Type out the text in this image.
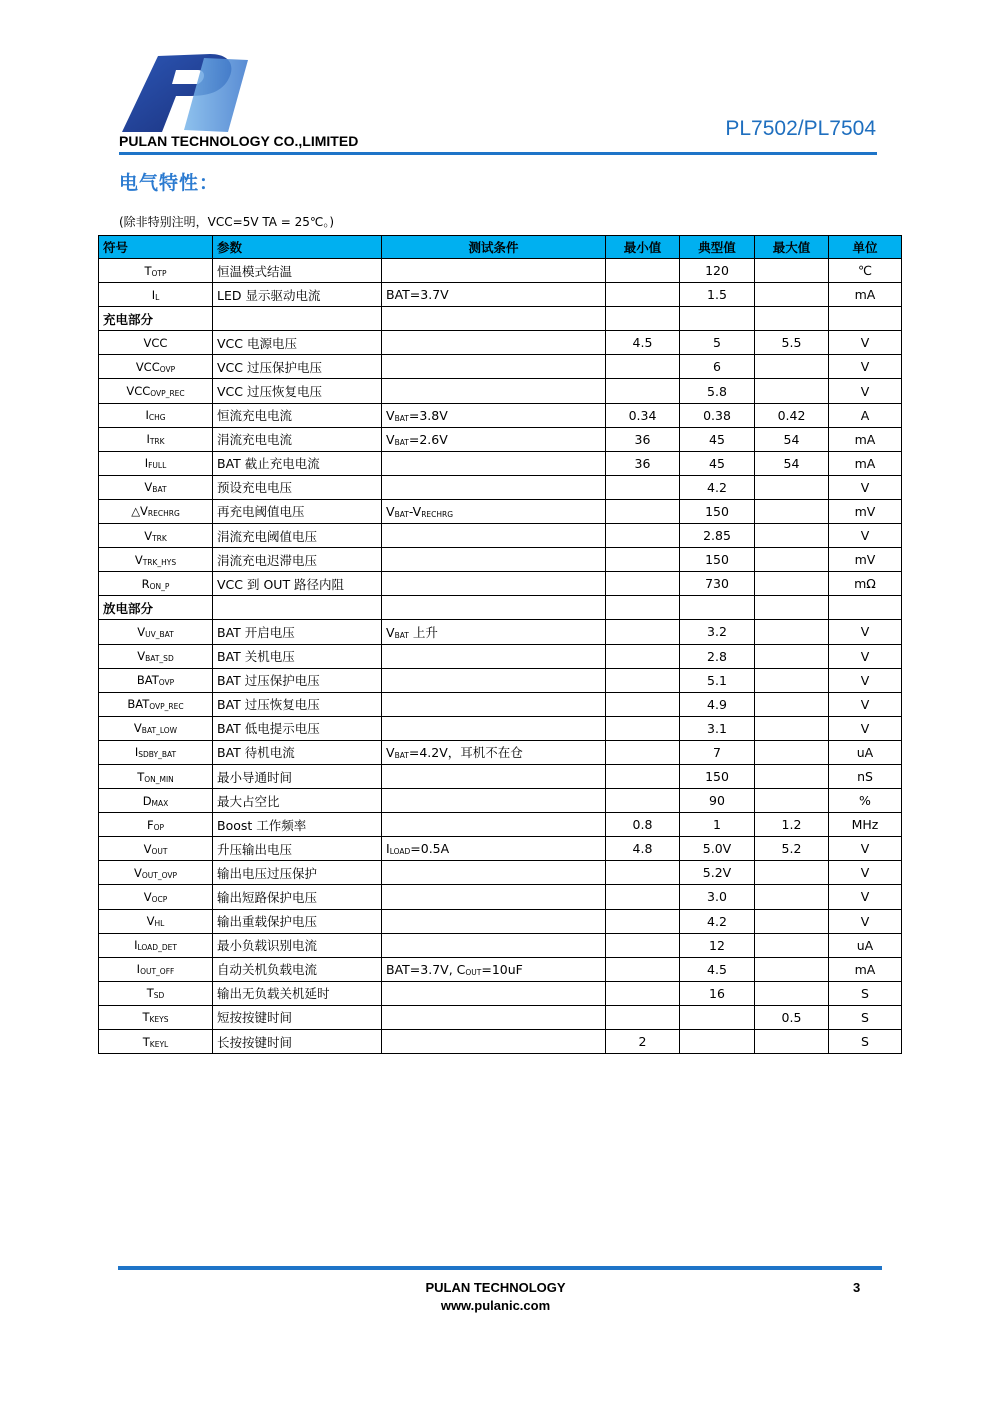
PULAN TECHNOLOGY CO.,LIMITED
PL7502/PL7504
电气特性：
(除非特别注明，VCC=5V TA = 25℃。)
符号	参数	测试条件	最小值	典型值	最大值	单位
$T_{OTP}$	恒温模式结温			120		℃
$I_L$	LED 显示驱动电流	BAT=3.7V		1.5		mA
充电部分						
VCC	VCC 电源电压		4.5	5	5.5	V
$VCC_{OVP}$	VCC 过压保护电压			6		V
$VCC_{OVP\_REC}$	VCC 过压恢复电压			5.8		V
$I_{CHG}$	恒流充电电流	$V_{BAT}=3.8V$	0.34	0.38	0.42	A
$I_{TRK}$	涓流充电电流	$V_{BAT}=2.6V$	36	45	54	mA
$I_{FULL}$	BAT 截止充电电流		36	45	54	mA
$V_{BAT}$	预设充电电压			4.2		V
$\triangle V_{RECHRG}$	再充电阈值电压	$V_{BAT}-V_{RECHRG}$		150		mV
$V_{TRK}$	涓流充电阈值电压			2.85		V
$V_{TRK\_HYS}$	涓流充电迟滞电压			150		mV
$R_{ON\_P}$	VCC 到 OUT 路径内阻			730		mΩ
放电部分						
$V_{UV\_BAT}$	BAT 开启电压	$V_{BAT}$ 上升		3.2		V
$V_{BAT\_SD}$	BAT 关机电压			2.8		V
$BAT_{OVP}$	BAT 过压保护电压			5.1		V
$BAT_{OVP\_REC}$	BAT 过压恢复电压			4.9		V
$V_{BAT\_LOW}$	BAT 低电提示电压			3.1		V
$I_{SDBY\_BAT}$	BAT 待机电流	$V_{BAT}=4.2V$，耳机不在仓		7		uA
$T_{ON\_MIN}$	最小导通时间			150		nS
$D_{MAX}$	最大占空比			90		%
$F_{OP}$	Boost 工作频率		0.8	1	1.2	MHz
$V_{OUT}$	升压输出电压	$I_{LOAD}=0.5A$	4.8	5.0V	5.2	V
$V_{OUT\_OVP}$	输出电压过压保护			5.2V		V
$V_{OCP}$	输出短路保护电压			3.0		V
$V_{HL}$	输出重载保护电压			4.2		V
$I_{LOAD\_DET}$	最小负载识别电流			12		uA
$I_{OUT\_OFF}$	自动关机负载电流	BAT=3.7V, $C_{OUT}=10uF$		4.5		mA
$T_{SD}$	输出无负载关机延时			16		S
$T_{KEYS}$	短按按键时间				0.5	S
$T_{KEYL}$	长按按键时间		2			S
PULAN TECHNOLOGY
www.pulanic.com
3
